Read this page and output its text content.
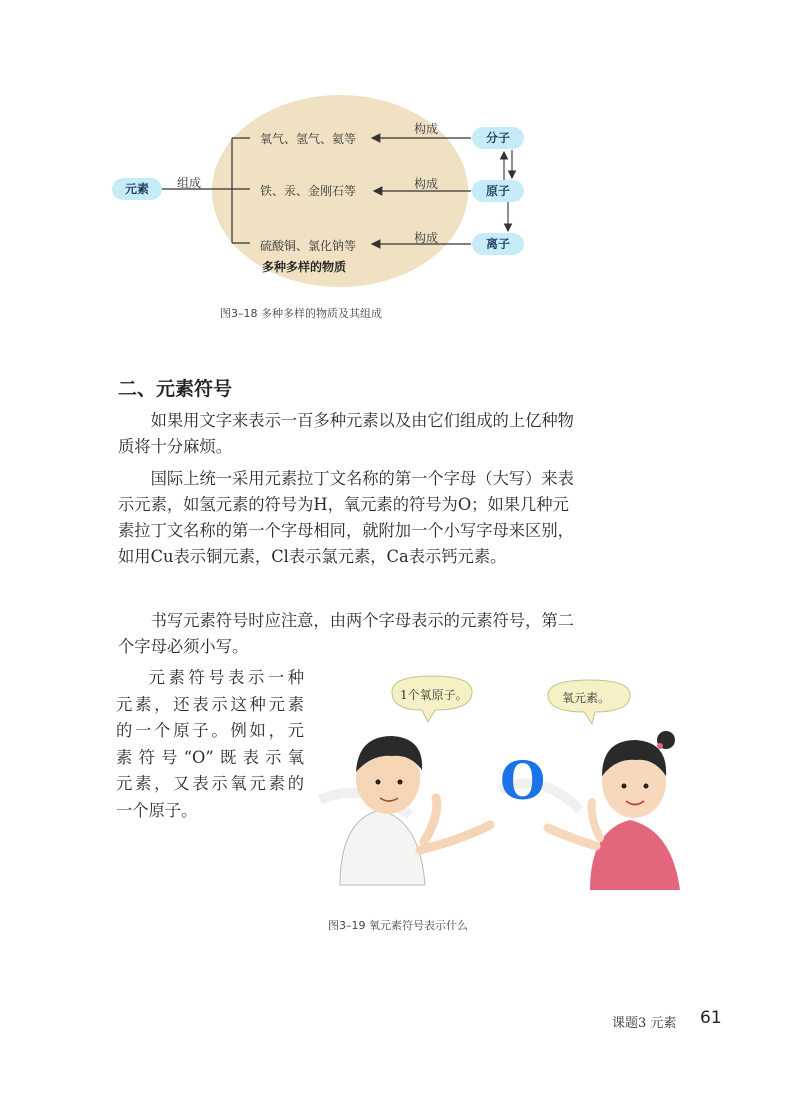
元素	组成
氧气、氢气、氦等
铁、汞、金刚石等
硫酸铜、氯化钠等
多种多样的物质
构成
构成
构成
分子
原子
离子
图3–18 多种多样的物质及其组成
二、元素符号

如果用文字来表示一百多种元素以及由它们组成的上亿种物质将十分麻烦。

国际上统一采用元素拉丁文名称的第一个字母（大写）来表示元素，如氢元素的符号为H，氧元素的符号为O；如果几种元素拉丁文名称的第一个字母相同，就附加一个小写字母来区别，如用Cu表示铜元素，Cl表示氯元素，Ca表示钙元素。

书写元素符号时应注意，由两个字母表示的元素符号，第二个字母必须小写。

元素符号表示一种
元素，还表示这种元素
的一个原子。例如，元
素符号“O”既表示氧
元素，又表示氧元素的
一个原子。

1个氧原子。	氧元素。
O
图3–19 氧元素符号表示什么
课题3 元素 61
